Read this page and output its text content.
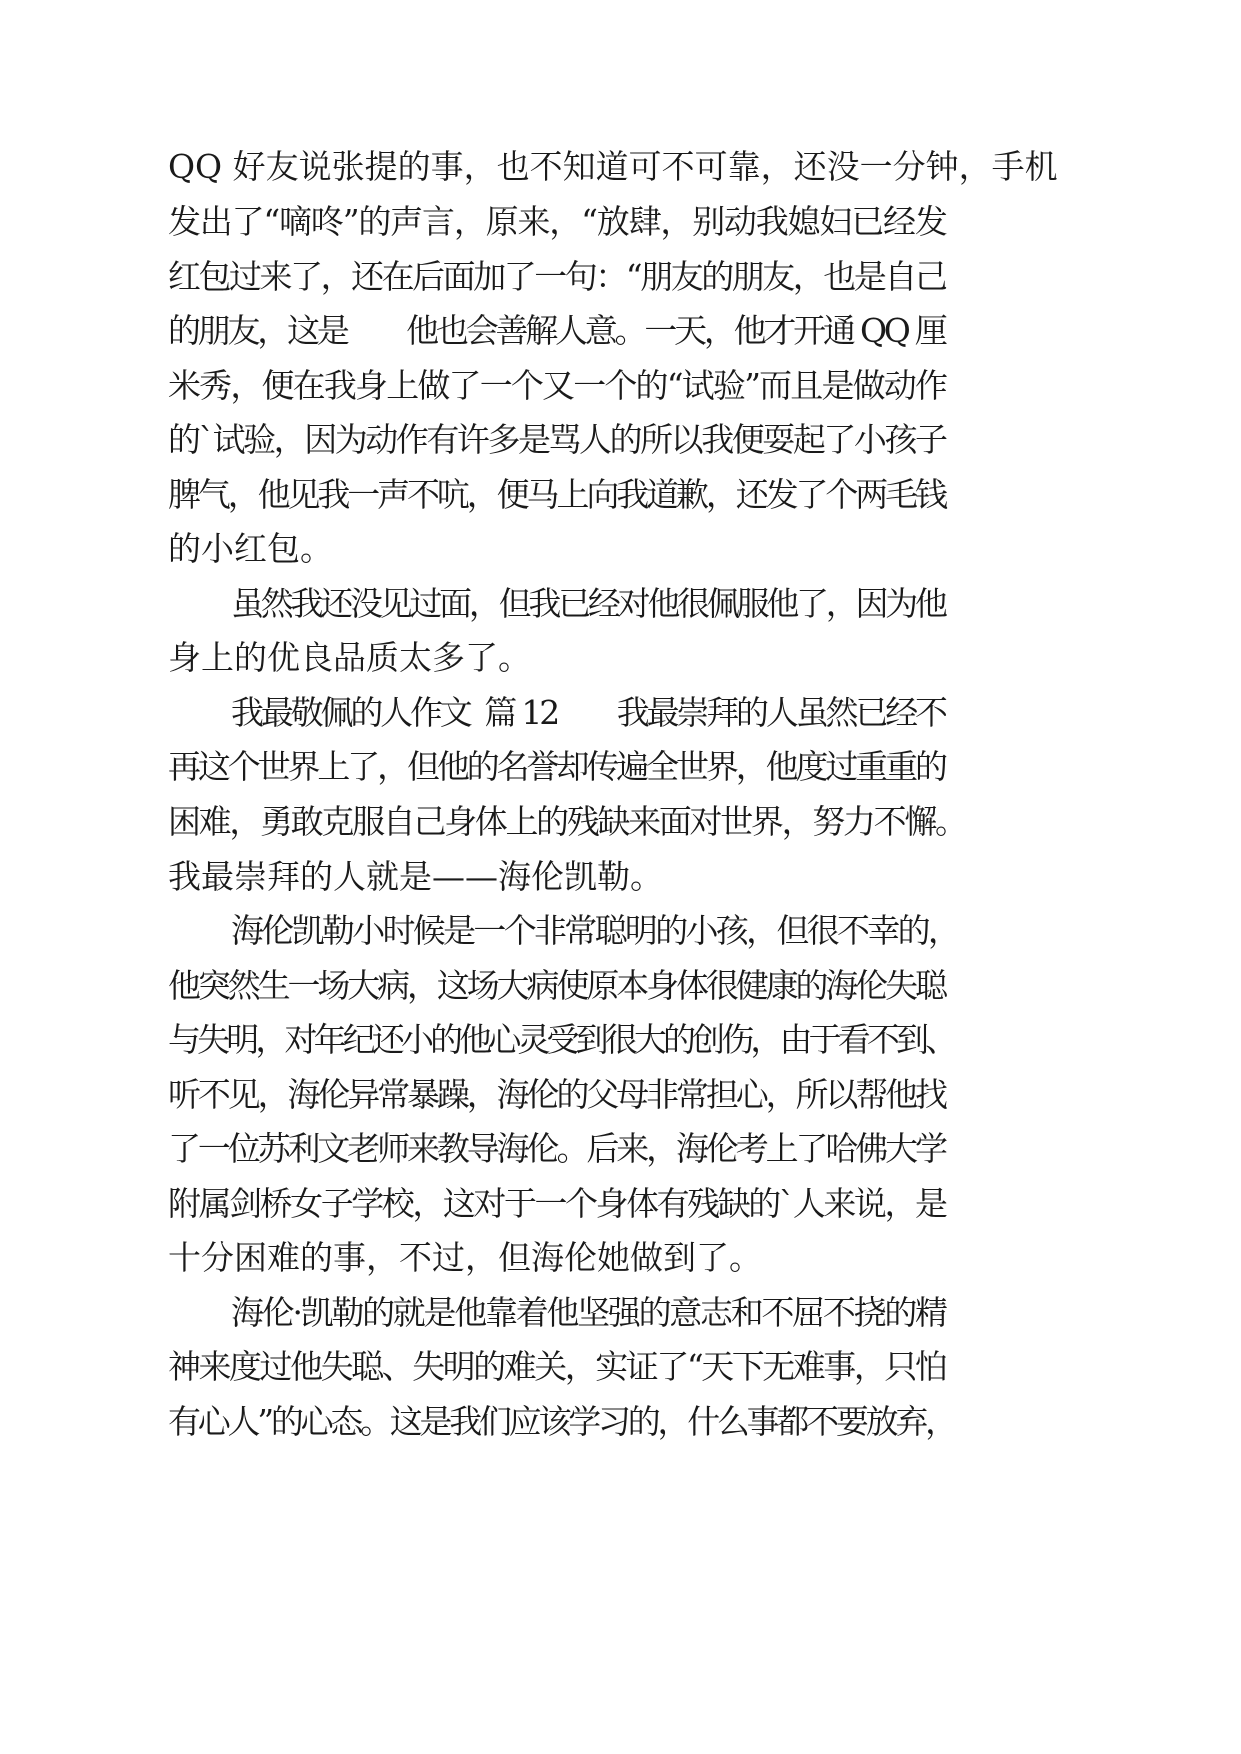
QQ 好友说张提的事，也不知道可不可靠，还没一分钟，手机
发出了“嘀咚”的声言，原来，“放肆，别动我媳妇已经发
红包过来了，还在后面加了一句：“朋友的朋友，也是自己
的朋友，这是　　他也会善解人意。一天，他才开通 QQ 厘
米秀，便在我身上做了一个又一个的“试验”而且是做动作
的`试验，因为动作有许多是骂人的所以我便耍起了小孩子
脾气，他见我一声不吭，便马上向我道歉，还发了个两毛钱
的小红包。
虽然我还没见过面，但我已经对他很佩服他了，因为他
身上的优良品质太多了。
我最敬佩的人作文  篇 12　　我最崇拜的人虽然已经不
再这个世界上了，但他的名誉却传遍全世界，他度过重重的
困难，勇敢克服自己身体上的残缺来面对世界，努力不懈。
我最崇拜的人就是——海伦凯勒。
海伦凯勒小时候是一个非常聪明的小孩，但很不幸的，
他突然生一场大病，这场大病使原本身体很健康的海伦失聪
与失明，对年纪还小的他心灵受到很大的创伤，由于看不到、
听不见，海伦异常暴躁，海伦的父母非常担心，所以帮他找
了一位苏利文老师来教导海伦。后来，海伦考上了哈佛大学
附属剑桥女子学校，这对于一个身体有残缺的`人来说，是
十分困难的事，不过，但海伦她做到了。
海伦·凯勒的就是他靠着他坚强的意志和不屈不挠的精
神来度过他失聪、失明的难关，实证了“天下无难事，只怕
有心人”的心态。这是我们应该学习的，什么事都不要放弃，
